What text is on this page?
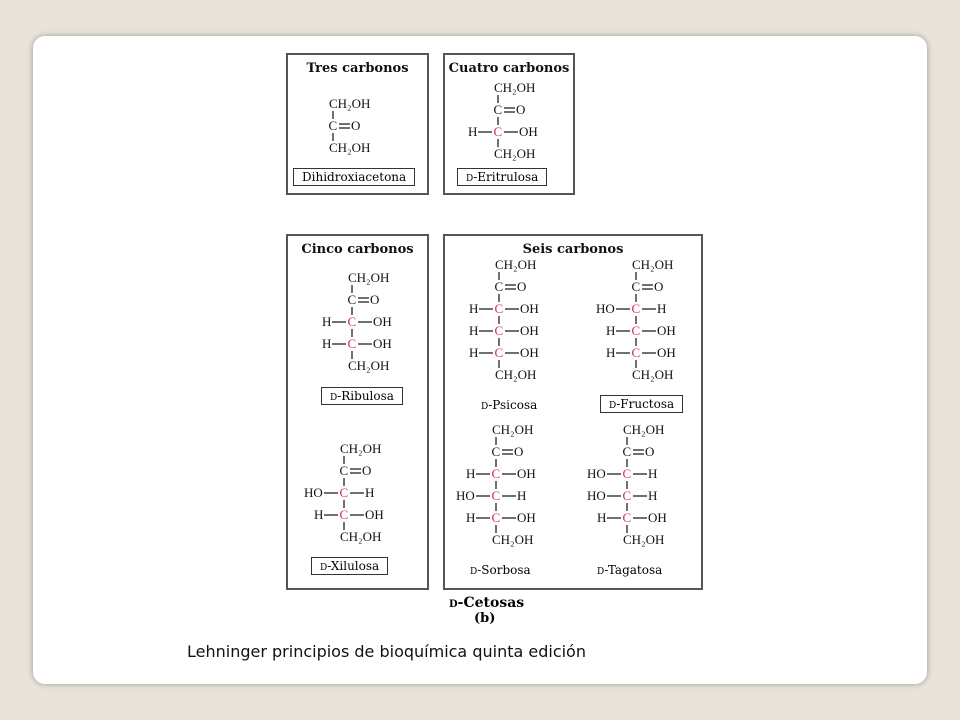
Tres carbonos	Cuatro carbonos
Cinco carbonos	Seis carbonos
CH₂OH
C O
CH₂OH
CH₂OH
C O
C
H	OH
CH₂OH
CH₂OH
C O
C
H	OH
C
H	OH
CH₂OH
CH₂OH
C O
C
HO	H
C
H	OH
CH₂OH
CH₂OH
C O
C
H	OH
C
H	OH
C
H	OH
CH₂OH
CH₂OH
C O
C
HO	H
C
H	OH
C
H	OH
CH₂OH
CH₂OH
C O
C
H	OH
C
HO	H
C
H	OH
CH₂OH
CH₂OH
C O
C
HO	H
C
HO	H
C
H	OH
CH₂OH
Dihidroxiacetona	D-Eritrulosa
D-Ribulosa
D-Xilulosa
D-Psicosa	D-Fructosa
D-Sorbosa	D-Tagatosa
D-Cetosas
(b)
Lehninger principios de bioquímica quinta edición
